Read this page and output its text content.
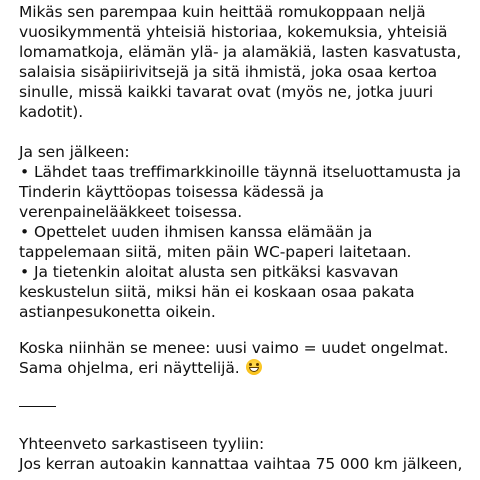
Mikäs sen parempaa kuin heittää romukoppaan neljä vuosikymmentä yhteisiä historiaa, kokemuksia, yhteisiä lomamatkoja, elämän ylä- ja alamäkiä, lasten kasvatusta, salaisia sisäpiirivitsejä ja sitä ihmistä, joka osaa kertoa sinulle, missä kaikki tavarat ovat (myös ne, jotka juuri kadotit).

Ja sen jälkeen:

• Lähdet taas treffimarkkinoille täynnä itseluottamusta ja Tinderin käyttöopas toisessa kädessä ja verenpainelääkkeet toisessa.
• Opettelet uuden ihmisen kanssa elämään ja tappelemaan siitä, miten päin WC-paperi laitetaan.
• Ja tietenkin aloitat alusta sen pitkäksi kasvavan keskustelun siitä, miksi hän ei koskaan osaa pakata astianpesukonetta oikein.

Koska niinhän se menee: uusi vaimo = uudet ongelmat. Sama ohjelma, eri näyttelijä.

Yhteenveto sarkastiseen tyyliin:

Jos kerran autoakin kannattaa vaihtaa 75 000 km jälkeen,
